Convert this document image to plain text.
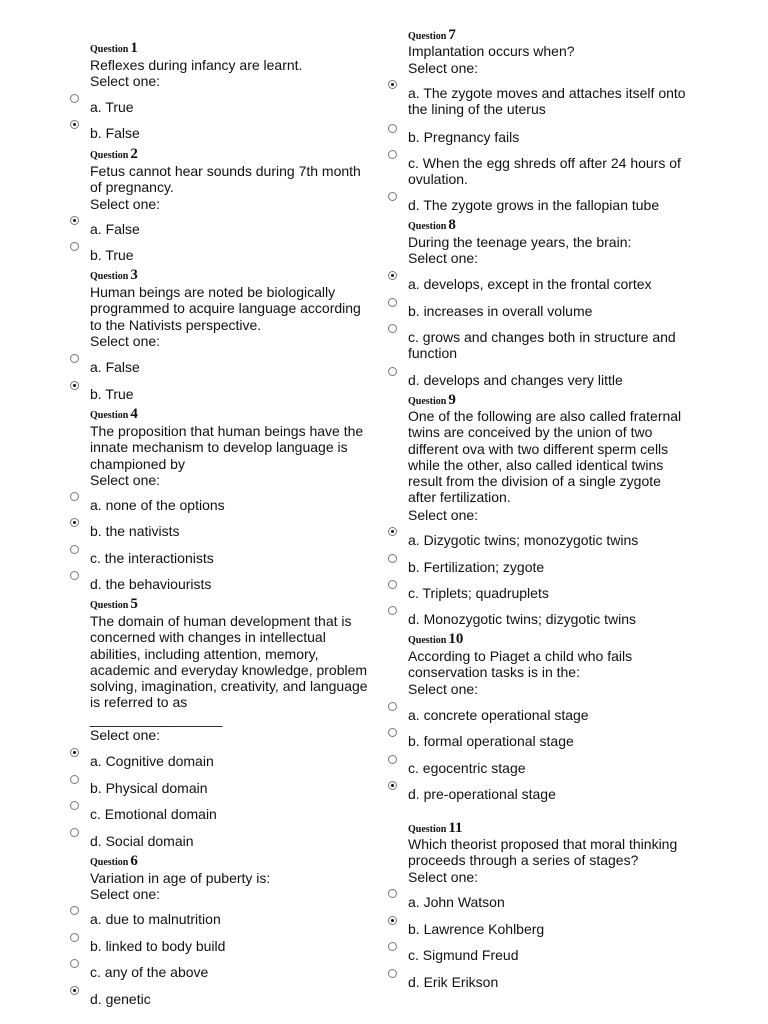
Question 1
Reflexes during infancy are learnt.
Select one:
a. True
b. False
Question 2
Fetus cannot hear sounds during 7th month of pregnancy.
Select one:
a. False
b. True
Question 3
Human beings are noted be biologically programmed to acquire language according to the Nativists perspective.
Select one:
a. False
b. True
Question 4
The proposition that human beings have the innate mechanism to develop language is championed by
Select one:
a. none of the options
b. the nativists
c. the interactionists
d. the behaviourists
Question 5
The domain of human development that is concerned with changes in intellectual abilities, including attention, memory, academic and everyday knowledge, problem solving, imagination, creativity, and language is referred to as
_________________
Select one:
a. Cognitive domain
b. Physical domain
c. Emotional domain
d. Social domain
Question 6
Variation in age of puberty is:
Select one:
a. due to malnutrition
b. linked to body build
c. any of the above
d. genetic
Question 7
Implantation occurs when?
Select one:
a. The zygote moves and attaches itself onto the lining of the uterus
b. Pregnancy fails
c. When the egg shreds off after 24 hours of ovulation.
d. The zygote grows in the fallopian tube
Question 8
During the teenage years, the brain:
Select one:
a. develops, except in the frontal cortex
b. increases in overall volume
c. grows and changes both in structure and function
d. develops and changes very little
Question 9
One of the following are also called fraternal twins are conceived by the union of two different ova with two different sperm cells while the other, also called identical twins result from the division of a single zygote after fertilization.
Select one:
a. Dizygotic twins; monozygotic twins
b. Fertilization; zygote
c. Triplets; quadruplets
d. Monozygotic twins; dizygotic twins
Question 10
According to Piaget a child who fails conservation tasks is in the:
Select one:
a. concrete operational stage
b. formal operational stage
c. egocentric stage
d. pre-operational stage
Question 11
Which theorist proposed that moral thinking proceeds through a series of stages?
Select one:
a. John Watson
b. Lawrence Kohlberg
c. Sigmund Freud
d. Erik Erikson
